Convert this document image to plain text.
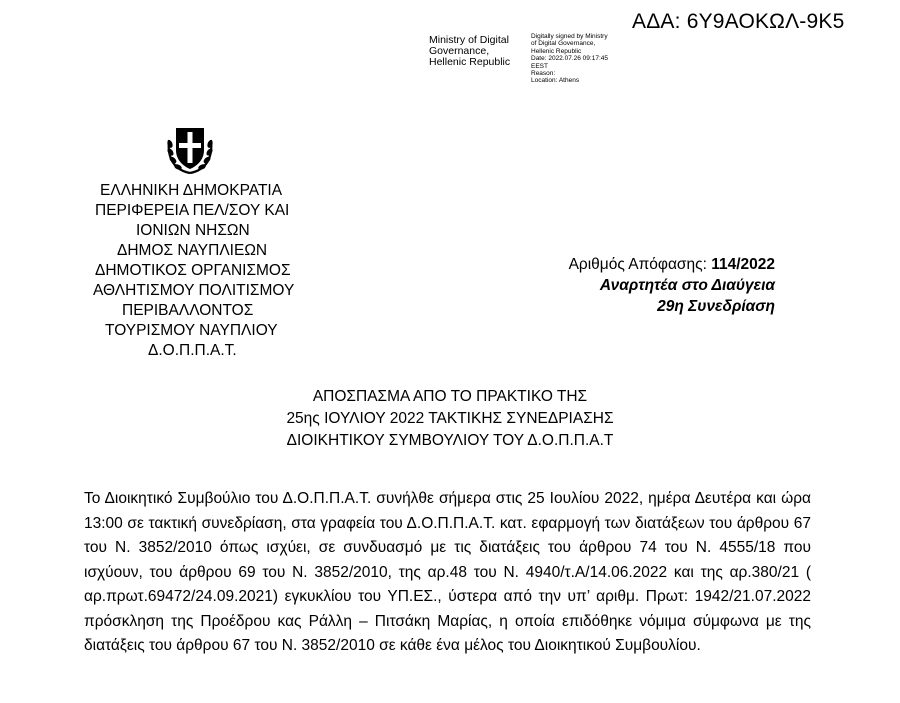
ΑΔΑ: 6Υ9ΑΟΚΩΛ-9Κ5
Ministry of Digital
Governance,
Hellenic Republic
Digitally signed by Ministry
of Digital Governance,
Hellenic Republic
Date: 2022.07.26 09:17:45
EEST
Reason:
Location: Athens
ΕΛΛΗΝΙΚΗ ΔΗΜΟΚΡΑΤΙΑ
ΠΕΡΙΦΕΡΕΙΑ ΠΕΛ/ΣΟΥ ΚΑΙ
ΙΟΝΙΩΝ ΝΗΣΩΝ
ΔΗΜΟΣ ΝΑΥΠΛΙΕΩΝ
ΔΗΜΟΤΙΚΟΣ ΟΡΓΑΝΙΣΜΟΣ
ΑΘΛΗΤΙΣΜΟΥ ΠΟΛΙΤΙΣΜΟΥ
ΠΕΡΙΒΑΛΛΟΝΤΟΣ
ΤΟΥΡΙΣΜΟΥ ΝΑΥΠΛΙΟΥ
Δ.Ο.Π.Π.Α.Τ.
Αριθμός Απόφασης: 114/2022
Αναρτητέα στο Διαύγεια
29η Συνεδρίαση
ΑΠΟΣΠΑΣΜΑ ΑΠΟ ΤΟ ΠΡΑΚΤΙΚΟ ΤΗΣ
25ης ΙΟΥΛΙΟΥ 2022 ΤΑΚΤΙΚΗΣ ΣΥΝΕΔΡΙΑΣΗΣ
ΔΙΟΙΚΗΤΙΚΟΥ ΣΥΜΒΟΥΛΙΟΥ ΤΟΥ Δ.Ο.Π.Π.Α.Τ
Το Διοικητικό Συμβούλιο του Δ.Ο.Π.Π.Α.Τ. συνήλθε σήμερα στις 25 Ιουλίου 2022, ημέρα Δευτέρα και ώρα 13:00 σε τακτική συνεδρίαση, στα γραφεία του Δ.Ο.Π.Π.Α.Τ. κατ. εφαρμογή των διατάξεων του άρθρου 67 του Ν. 3852/2010 όπως ισχύει, σε συνδυασμό με τις διατάξεις του άρθρου 74 του Ν. 4555/18 που ισχύουν, του άρθρου 69 του Ν. 3852/2010, της αρ.48 του Ν. 4940/τ.Α/14.06.2022 και της αρ.380/21 ( αρ.πρωτ.69472/24.09.2021) εγκυκλίου του ΥΠ.ΕΣ., ύστερα από την υπ’ αριθμ. Πρωτ: 1942/21.07.2022 πρόσκληση της Προέδρου κας Ράλλη – Πιτσάκη Μαρίας, η οποία επιδόθηκε νόμιμα σύμφωνα με της διατάξεις του άρθρου 67 του Ν. 3852/2010 σε κάθε ένα μέλος του Διοικητικού Συμβουλίου.
